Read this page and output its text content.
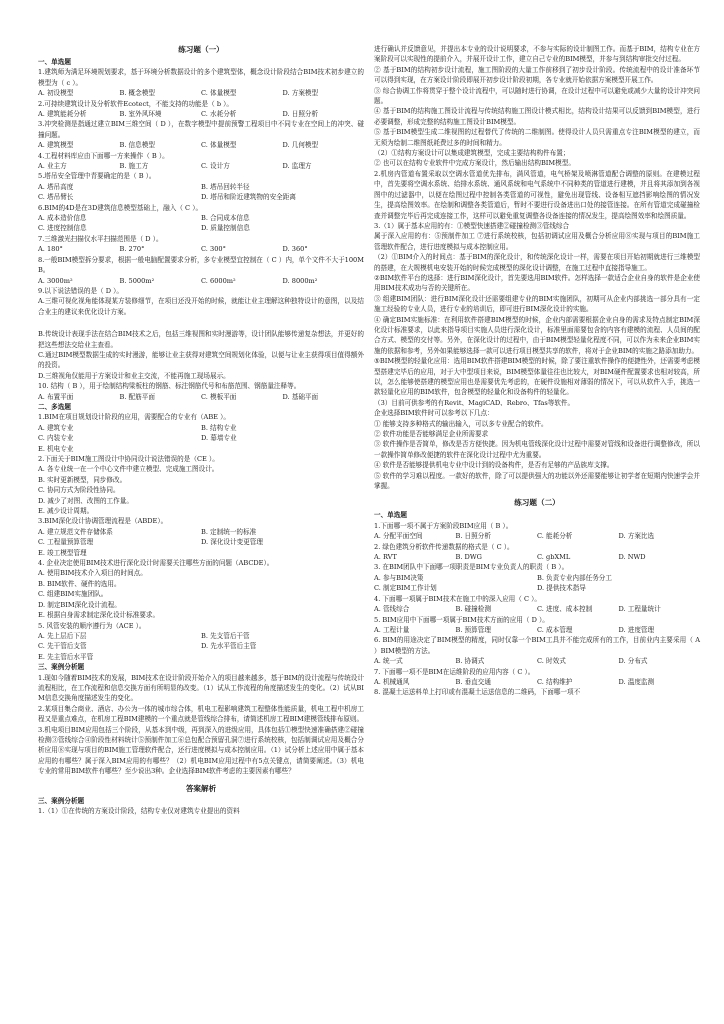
练习题（一）

一、单选题

1.建筑师为满足环境规划要求，基于环境分析数据设计的多个建筑型体，概念设计阶段结合BIM技术初步建立的模型为（ c ）。

A. 初设模型	B. 概念模型	C. 体量模型	D. 方案模型

2.可持续建筑设计及分析软件Ecotect，不能支持的功能是（ b ）。

A. 建筑能耗分析	B. 室外风环境	C. 水耗分析	D. 日照分析

3.冲突检测是指通过建立BIM三维空间（ D ），在数字模型中提前预警工程项目中不同专业在空间上的冲突、碰撞问题。

A. 建筑模型	B. 信息模型	C. 体量模型	D. 几何模型

4.工程材料库应由下面哪一方来操作（ B ）。

A. 业主方	B. 施工方	C. 设计方	D. 监理方

5.塔吊安全管理中青要确定的是（ B ）。

A. 塔吊高度	B. 塔吊回转半径
C. 塔吊臂长	D. 塔吊和阶近建筑物的安全距离

6.BIM的4D是在3D建筑信息模型基础上，融入（ C ）。

A. 成本造价信息	B. 合同成本信息
C. 进度控制信息	D. 质量控制信息

7.三维激光扫描仪水平扫描范围是（ D ）。

A. 180°	B. 270°	C. 300°	D. 360°

8.一般BIM模型拆分要求，根据一般电脑配置要求分析，多专业模型宜控制在（ C ）内，单个文件不大于100MB。

A. 3000m²	B. 5000m²	C. 6000m²	D. 8000m²

9.以下说法错误的是（ D ）。

A.三维可视化视角能体现某方装修细节，在项目还没开始的时候，就能让业主理解这种独特设计的意图，以及结合业主的建议来优化设计方案。

B.传统设计表现手法在结合BIM技术之后，包括三维视图和实时漫游等，设计团队能够传递复杂想法，并更好的把这些想法交给业主查看。

C.通过BIM模型数据生成的实时漫游，能够让业主获得对建筑空间规划化体验，以便与让业主获得项目值得额外的投资。

D.三维视角仅能用于方案设计和业主交流，不能再施工现场展示。

10. 结构（ B ），用于绘制结构梁板柱的钢筋、标注钢筋代号和布筋范围、钢筋量注释等。

A. 布置平面	B. 配筋平面	C. 模板平面	D. 基础平面

二、多选题

1.BIM在项目规划设计阶段的应用，需要配合的专业有（ABE ）。

A. 建筑专业	B. 结构专业
C. 内装专业	D. 幕墙专业
E. 机电专业

2.下面关于BIM施工图设计中协同设计说法错误的是（CE ）。

A. 各专业统一在一个中心文件中建立模型、完成施工图设计。

B. 实时更新模型，同步修改。

C. 协同方式为阶段性协同。

D. 减少了对图、改图的工作量。

E. 减少设计周期。

3.BIM深化设计协调管理流程是（ABDE）。

A. 建立规范文件存储体系	B. 定制统一的标准
C. 工程量预算管理	D. 深化设计变更管理
E. 竣工模型管理

4. 企业决定使用BIM技术进行深化设计时需要关注哪些方面的问题（ABCDE）。

A. 使用BIM技术介入项目的时间点。

B. BIM软件、硬件的选用。

C. 组建BIM实施团队。

D. 制定BIM深化设计流程。

E. 根据自身需求制定深化设计标准要求。

5. 风管安装的顺序遵行为（ACE ）。

A. 先上层后下层	B. 先支管后干管
C. 先干管后支管	D. 先水平管后主管
E. 先主管后水平管

三、案例分析题

1.现如今随着BIM技术的发展，BIM技术在设计阶段开始介入的项目越来越多，基于BIM的设计流程与传统设计流程相比，在工作流程和信息交换方面有所明显的改变。（1）试从工作流程的角度描述发生的变化。（2）试从BIM信息交换角度描述发生的变化。

2.某项目集合商业、酒店、办公为一体的城市综合体，机电工程影响建筑工程整体性能质量，机电工程中机房工程又是重点难点，在机房工程BIM建模的一个重点就是管线综合排布，请简述机房工程BIM建模管线排布原则。

3.机电项目BIM应用包括三个阶段，从基本到中级，再到深入的进级应用，具体包括①模型快速准确搭建②碰撞检测③管线综合④阶段性材料统计⑤预制件加工⑥总包配合预留孔洞⑦进行系统校核，包括制调试应用及概合分析应用⑧实现与项目的BIM施工管理软件配合，还行进度模拟与成本控制应用。（1）试分析上述应用中属于基本应用的有哪些？属于深入BIM应用的有哪些？（2）机电BIM应用过程中有5点关键点，请简要阐述。（3）机电专业的常用BIM软件有哪些？至少说出3种。企业选择BIM软件考虑的主要因素有哪些？

答案解析

三、案例分析题

1.（1）①在传统的方案设计阶段，结构专业仅对建筑专业提出的资料

进行确认并反馈意见，并提出本专业的设计说明要求，不参与实际的设计制图工作。而基于BIM，结构专业在方案阶段可以实现性的提前介入，并展开设计工作，建立自己专业的BIM模型，并参与到结构审批交付过程。

② 基于BIM的结构初步设计流程，施工图阶段的大量工作前移到了初步设计阶段。传统流程中的设计准备环节可以得到实现，在方案设计阶段即展开初步设计阶段初期，各专业就开始依据方案模型开展工作。

③ 综合协调工作将贯穿于整个设计流程中，可以随时进行协调，在设计过程中可以避免或减少大量的设计冲突问题。

④ 基于BIM的结构施工图设计流程与传统结构施工图设计模式相比，结构设计结果可以反馈到BIM模型，进行必要调整，形成完整的结构施工图设计BIM模型。

⑤ 基于BIM模型生成二维视图的过程替代了传统的二维制图。使得设计人员只需重点专注BIM模型的建立，而无须为绘制二维图纸耗费过多的时间和精力。

（2）①结构方案设计可以集成建筑模型，完成主要结构构件布置；

② 也可以在结构专业软件中完成方案设计，然后输出结构BIM模型。

2.机房内管道布置采取以空调水管道优先排布，满风管道，电气桥架及喷淋管道配合调整的原则。在建模过程中，首先要将空调水系统、给排水系统、通风系统和电气系统中不同种类的管道进行建模，并且将其添加到各视图中的过滤器中，以便在绘图过程中控制各类管道的可视性，避免出现管线、设备相互遮挡影响绘图的情况发生，提高绘图效率。在绘制和调整各类管道后，暂时不要进行设备进出口处的接管连接。在所有管道完成碰撞检查并调整完毕后再完成连接工作，这样可以避免重复调整各设备连接的情况发生，提高绘图效率和绘图质量。

3.（1）属于基本应用的有：①模型快速搭建②碰撞检测③管线综合

属于深入应用的有：⑤预制件加工 ⑦进行系统校核，包括初调试应用及概合分析应用⑧实现与项目的BIM施工管理软件配合，进行进度模拟与成本控制应用。

（2）①BIM介入的时间点：基于BIM的深化设计，和传统深化设计一样，需要在项目开始初期就进行三维模型的搭建，在大规模机电安装开始的时候完成模型的深化设计调整，在施工过程中直接指导施工。

②BIM软件平台的选择：进行BIM深化设计，首先要选用BIM软件。怎样选择一款适合企业自身的软件是企业使用BIM技术成功与否的关键所在。

③ 组建BIM团队：进行BIM深化设计还需要组建专业的BIM实施团队，初期可从企业内部挑选一部分具有一定施工经验的专业人员，进行专业的培训后，即可进行BIM深化设计的实施。

④ 确定BIM实施标准：在利用软件搭建BIM模型的时候，企业内部需要根据企业自身的需求及特点制定BIM深化设计标准要求，以此来指导项目实施人员进行深化设计，标准里面需要包含的内容有建模的流程、人员间的配合方式、模型的交付等。另外，在深化设计的过程中，由于BIM模型轻量化程度不同，可以作为未来企业BIM实施的依据和参考，另外如果能够选择一款可以进行项目模型共享的软件，将对于企业BIM的实施之路添加助力。

⑤BIM模型的轻量化应用：选用BIM软件搭建BIM模型的时候，除了要注重软件操作的便捷性外，还需要考虑模型搭建完毕后的应用，对于大中型项目来说，BIM模型体量往往也比较大，对BIM硬件配置要求也相对较高，所以，怎么能够使搭建的模型应用也是需要优先考虑的，在硬件设施相对薄弱的情况下，可以从软件入手，挑选一款轻量化应用的BIM软件，包含模型的轻量化和设备构件的轻量化。

（3）目前可供参考的有Revit、MagiCAD、Rebro、Tfas等软件。

企业选择BIM软件时可以参考以下几点：

① 能够支持多种格式的输出输入，可以多专业配合的软件。

② 软件功能是否能够满足企业所需要求

③ 软件操作是否简单，修改是否方便快捷。因为机电管线深化设计过程中需要对管线和设备进行调整修改，所以一款操作简单修改便捷的软件在深化设计过程中尤为重要。

④ 软件是否能够提供机电专业中设计到的设备构件，是否有足够的产品族库支撑。

⑤ 软件的学习难以程度。一款好的软件，除了可以提供强大的功能以外还需要能够让初学者在短期内快速学会并掌握。

练习题（二）

一、单选题

1.下面哪一项不属于方案阶段BIM应用（ B ）。

A. 分配平面空间	B. 日照分析	C. 能耗分析	D. 方案比选

2. 绿色建筑分析软件传递数据的格式是（ C ）。

A. RVT	B. DWG	C. gbXML	D. NWD

3. 在BIM团队中下面哪一项职责是BIM专业负责人的职责（ B ）。

A. 参与BIM决策	B. 负责专业内部任务分工
C. 制定BIM工作计划	D. 提供技术指导

4. 下面哪一项属于BIM技术在施工中的深入应用（ C ）。

A. 管线综合	B. 碰撞检测	C. 进度、成本控制	D. 工程量统计

5. BIM应用中下面哪一项属于BIM技术方面的应用（ D ）。

A. 工程计量	B. 预算管理	C. 成本管理	D. 进度管理

6. BIM的用途决定了BIM模型的精度，同时仅靠一个BIM工具并不能完成所有的工作，目前业内主要采用（ A ）BIM模型的方法。

A. 统一式	B. 协调式	C. 时效式	D. 分布式

7. 下面哪一项不是BIM在运维阶段的应用内容（ C ）。

A. 机械通风	B. 垂直交通	C. 结构维护	D. 温度监测

8. 混凝土运送料单上打印或有混凝土运送信息的二维码，下面哪一项不
